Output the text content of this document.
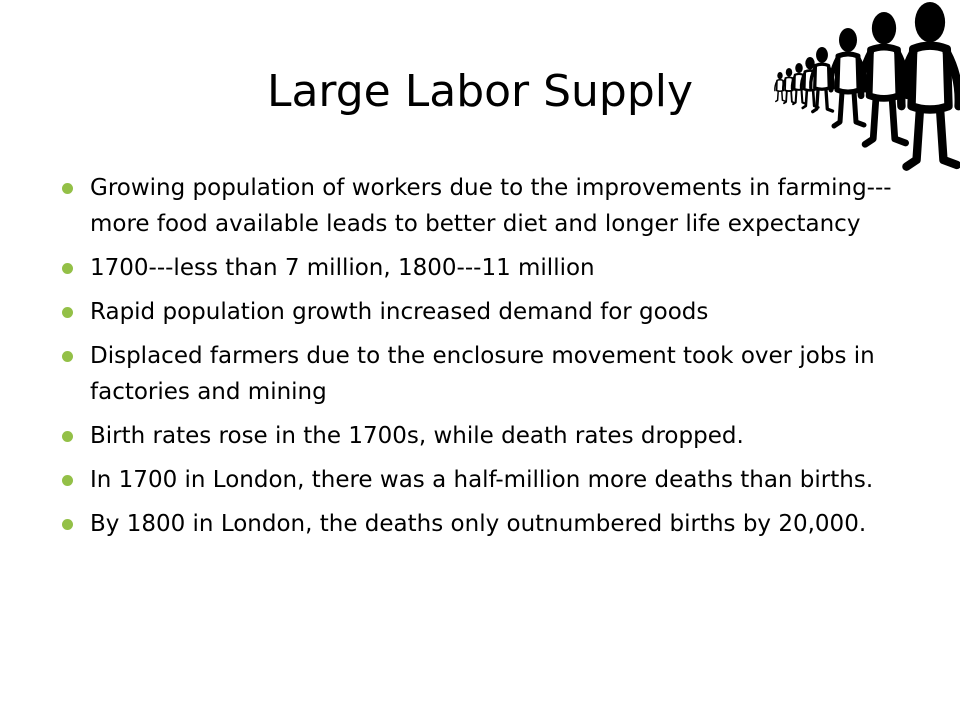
Large Labor Supply
Growing population of workers due to the improvements in farming---more food available leads to better diet and longer life expectancy
1700---less than 7 million, 1800---11 million
Rapid population growth increased demand for goods
Displaced farmers due to the enclosure movement took over jobs in factories and mining
Birth rates rose in the 1700s, while death rates dropped.
In 1700 in London, there was a half-million more deaths than births.
By 1800 in London, the deaths only outnumbered births by 20,000.
